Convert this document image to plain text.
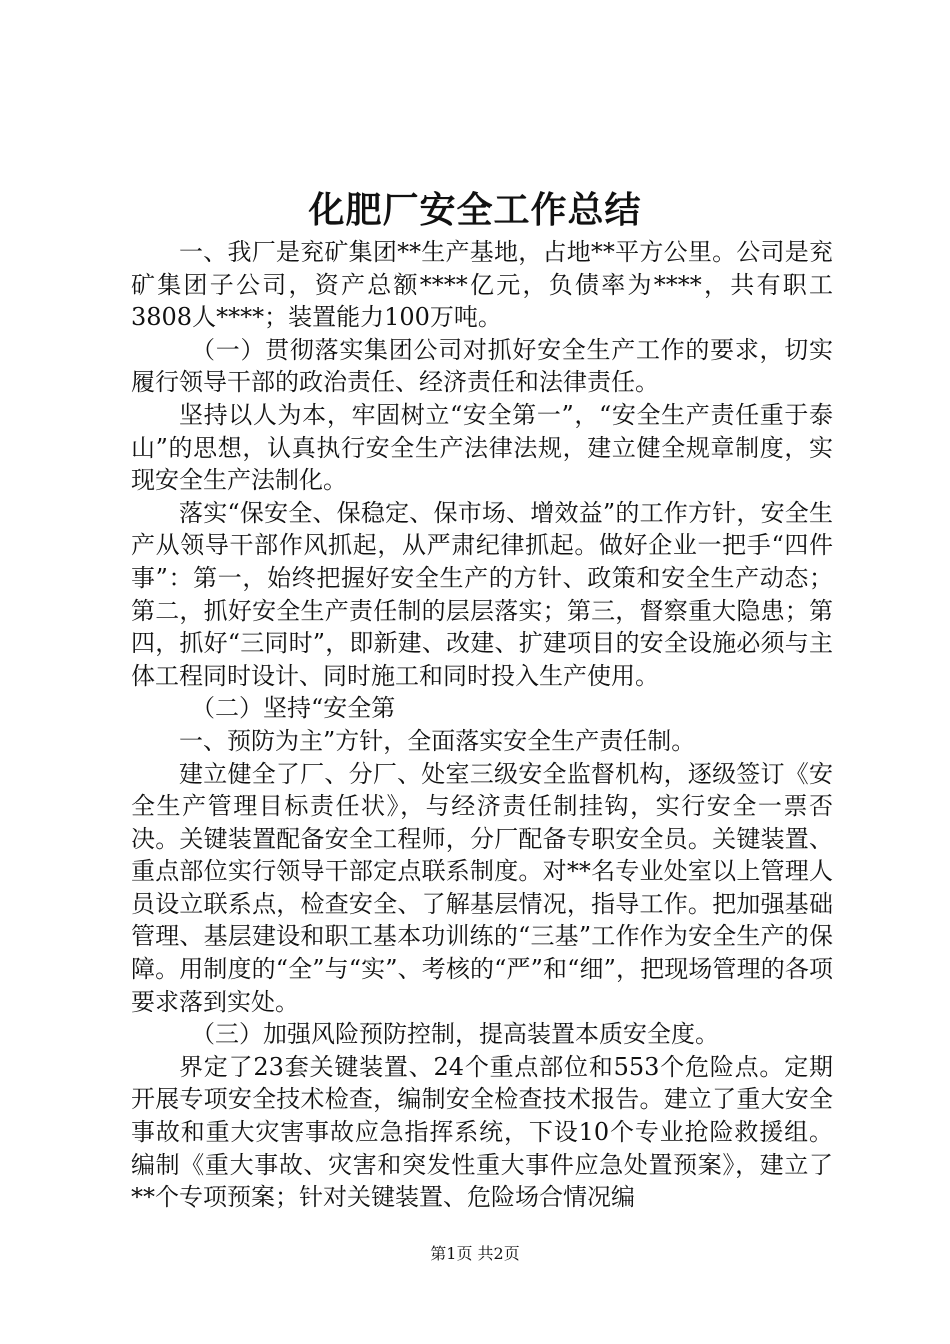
化肥厂安全工作总结

一、我厂是兖矿集团**生产基地，占地**平方公里。公司是兖矿集团子公司，资产总额****亿元，负债率为****，共有职工3808人****；装置能力100万吨。

（一）贯彻落实集团公司对抓好安全生产工作的要求，切实履行领导干部的政治责任、经济责任和法律责任。

坚持以人为本，牢固树立“安全第一”，“安全生产责任重于泰山”的思想，认真执行安全生产法律法规，建立健全规章制度，实现安全生产法制化。

落实“保安全、保稳定、保市场、增效益”的工作方针，安全生产从领导干部作风抓起，从严肃纪律抓起。做好企业一把手“四件事”：第一，始终把握好安全生产的方针、政策和安全生产动态；第二，抓好安全生产责任制的层层落实；第三，督察重大隐患；第四，抓好“三同时”，即新建、改建、扩建项目的安全设施必须与主体工程同时设计、同时施工和同时投入生产使用。

（二）坚持“安全第

一、预防为主”方针，全面落实安全生产责任制。

建立健全了厂、分厂、处室三级安全监督机构，逐级签订《安全生产管理目标责任状》，与经济责任制挂钩，实行安全一票否决。关键装置配备安全工程师，分厂配备专职安全员。关键装置、重点部位实行领导干部定点联系制度。对**名专业处室以上管理人员设立联系点，检查安全、了解基层情况，指导工作。把加强基础管理、基层建设和职工基本功训练的“三基”工作作为安全生产的保障。用制度的“全”与“实”、考核的“严”和“细”，把现场管理的各项要求落到实处。

（三）加强风险预防控制，提高装置本质安全度。

界定了23套关键装置、24个重点部位和553个危险点。定期开展专项安全技术检查，编制安全检查技术报告。建立了重大安全事故和重大灾害事故应急指挥系统，下设10个专业抢险救援组。编制《重大事故、灾害和突发性重大事件应急处置预案》，建立了**个专项预案；针对关键装置、危险场合情况编

第1页 共2页
